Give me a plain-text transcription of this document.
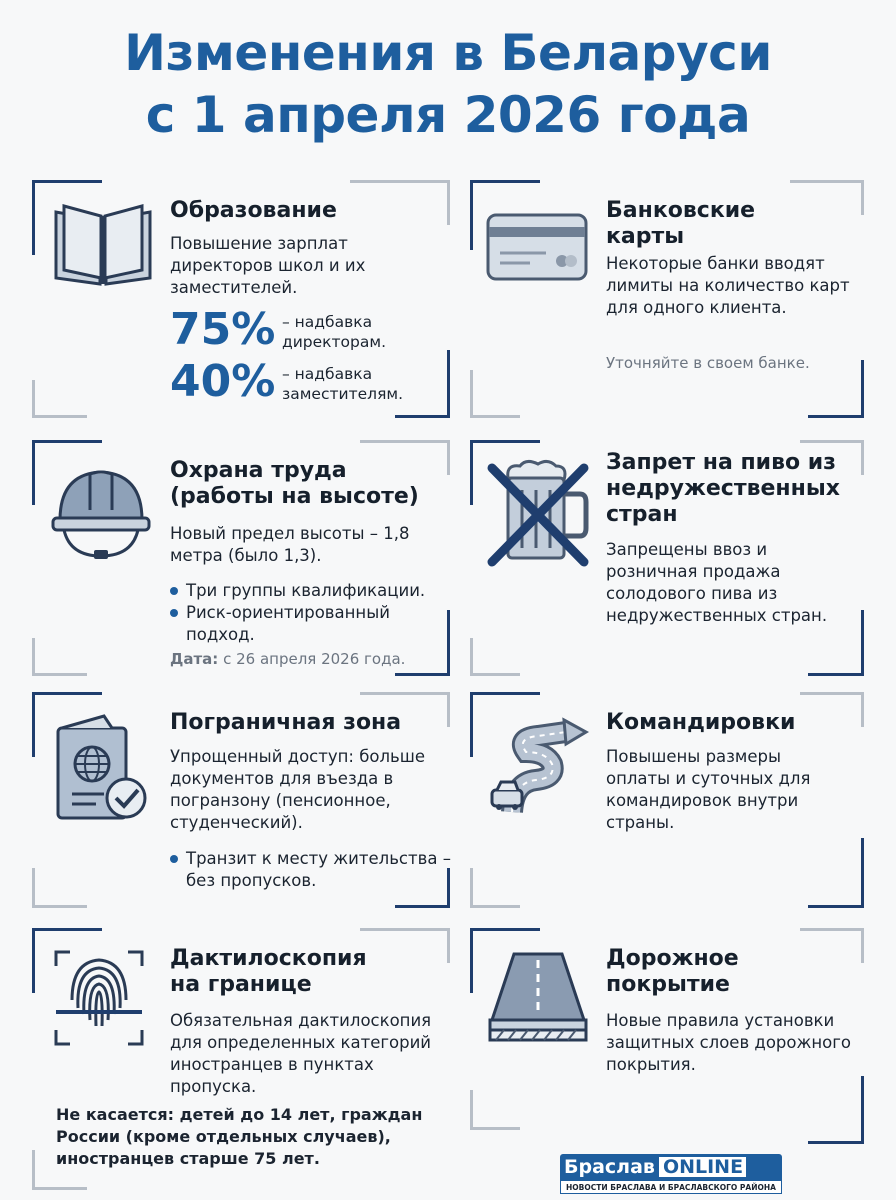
Изменения в Беларуси
с 1 апреля 2026 года
Образование
Повышение зарплат директоров школ и их заместителей.
75% – надбавка директорам.
40% – надбавка заместителям.
Банковские
карты
Некоторые банки вводят лимиты на количество карт для одного клиента.
Уточняйте в своем банке.
Охрана труда
(работы на высоте)
Новый предел высоты – 1,8 метра (было 1,3).
Три группы квалификации.
Риск-ориентированный подход.
Дата: с 26 апреля 2026 года.
Запрет на пиво из
недружественных
стран
Запрещены ввоз и розничная продажа солодового пива из недружественных стран.
Пограничная зона
Упрощенный доступ: больше документов для въезда в погранзону (пенсионное, студенческий).
Транзит к месту жительства – без пропусков.
Командировки
Повышены размеры оплаты и суточных для командировок внутри страны.
Дактилоскопия
на границе
Обязательная дактилоскопия для определенных категорий иностранцев в пунктах пропуска.
Не касается: детей до 14 лет, граждан России (кроме отдельных случаев), иностранцев старше 75 лет.
Дорожное
покрытие
Новые правила установки защитных слоев дорожного покрытия.
Браслав ONLINE
НОВОСТИ БРАСЛАВА И БРАСЛАВСКОГО РАЙОНА
